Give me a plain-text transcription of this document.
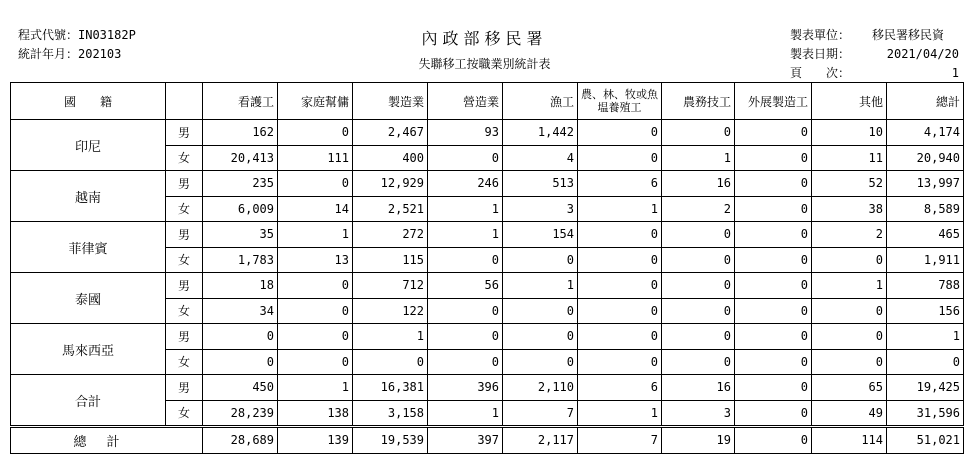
程式代號：IN03182P
統計年月：202103
內政部移民署
失聯移工按職業別統計表
製表單位： 移民署移民資
製表日期：	2021/04/20
頁　　次：	1
國　　籍		看護工	家庭幫傭	製造業	營造業	漁工	農、林、牧或魚塭養殖工	農務技工	外展製造工	其他	總計
印尼	男	162	0	2,467	93	1,442	0	0	0	10	4,174
	女	20,413	111	400	0	4	0	1	0	11	20,940
越南	男	235	0	12,929	246	513	6	16	0	52	13,997
	女	6,009	14	2,521	1	3	1	2	0	38	8,589
菲律賓	男	35	1	272	1	154	0	0	0	2	465
	女	1,783	13	115	0	0	0	0	0	0	1,911
泰國	男	18	0	712	56	1	0	0	0	1	788
	女	34	0	122	0	0	0	0	0	0	156
馬來西亞	男	0	0	1	0	0	0	0	0	0	1
	女	0	0	0	0	0	0	0	0	0	0
合計	男	450	1	16,381	396	2,110	6	16	0	65	19,425
	女	28,239	138	3,158	1	7	1	3	0	49	31,596
總計		28,689	139	19,539	397	2,117	7	19	0	114	51,021
